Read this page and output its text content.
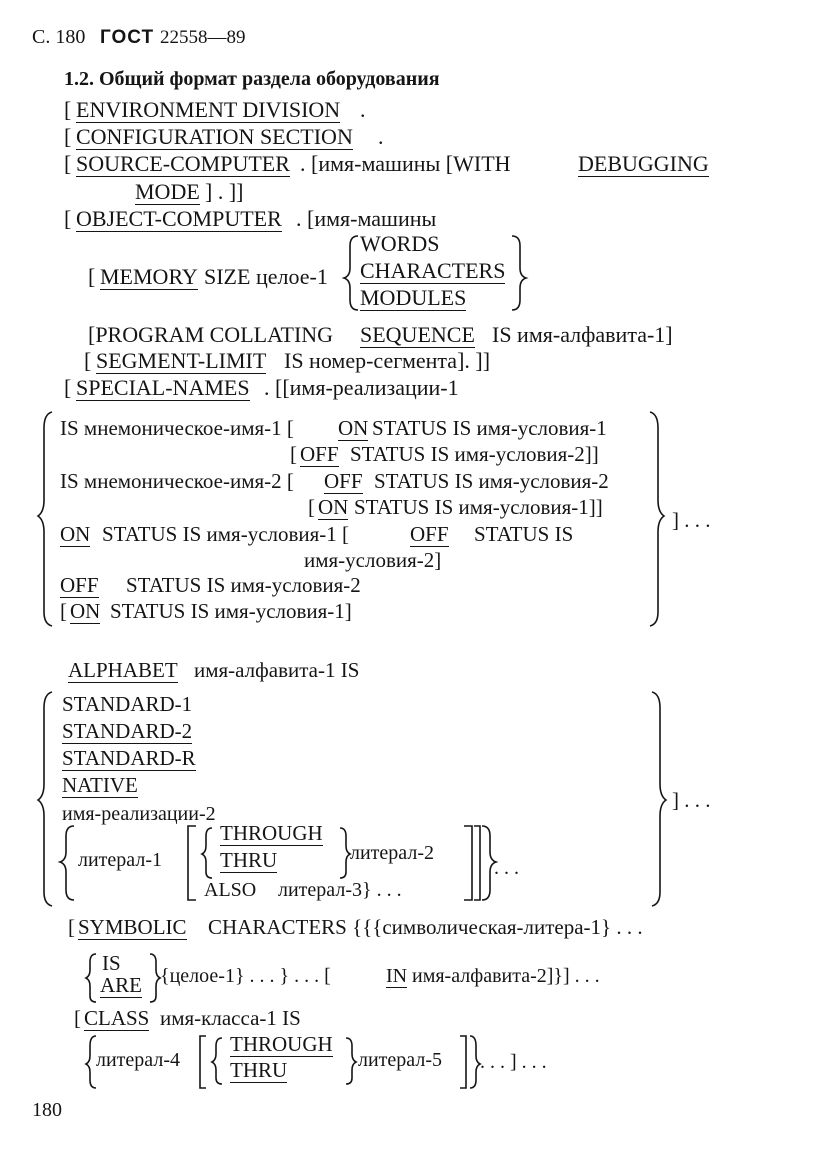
С. 180 ГОСТ 22558—89
1.2. Общий формат раздела оборудования
[ ENVIRONMENT DIVISION .
[ CONFIGURATION SECTION .
[ SOURCE-COMPUTER . [имя-машины [WITH	DEBUGGING
MODE ] . ]]
[ OBJECT-COMPUTER . [имя-машины
WORDS
[ MEMORY SIZE целое-1 CHARACTERS
MODULES
[PROGRAM COLLATING SEQUENCE IS имя-алфавита-1]
[ SEGMENT-LIMIT IS номер-сегмента]. ]]
[ SPECIAL-NAMES . [[имя-реализации-1
IS мнемоническое-имя-1 [ ON STATUS IS имя-условия-1
[ OFF STATUS IS имя-условия-2]]
IS мнемоническое-имя-2 [ OFF STATUS IS имя-условия-2
[ ON STATUS IS имя-условия-1]]
ON STATUS IS имя-условия-1 [	OFF STATUS IS
имя-условия-2]
] . . .
OFF STATUS IS имя-условия-2
[ ON STATUS IS имя-условия-1]
ALPHABET имя-алфавита-1 IS
STANDARD-1
STANDARD-2
STANDARD-R
NATIVE
имя-реализации-2
] . . .
THROUGH
литерал-1	THRU	литерал-2
. . .
ALSO литерал-3} . . .
[ SYMBOLIC CHARACTERS {{{символическая-литера-1} . . .
IS
ARE {целое-1} . . . } . . . [	IN имя-алфавита-2]}] . . .
[ CLASS имя-класса-1 IS
THROUGH
литерал-4 THRU	литерал-5 . . . ] . . .
180
